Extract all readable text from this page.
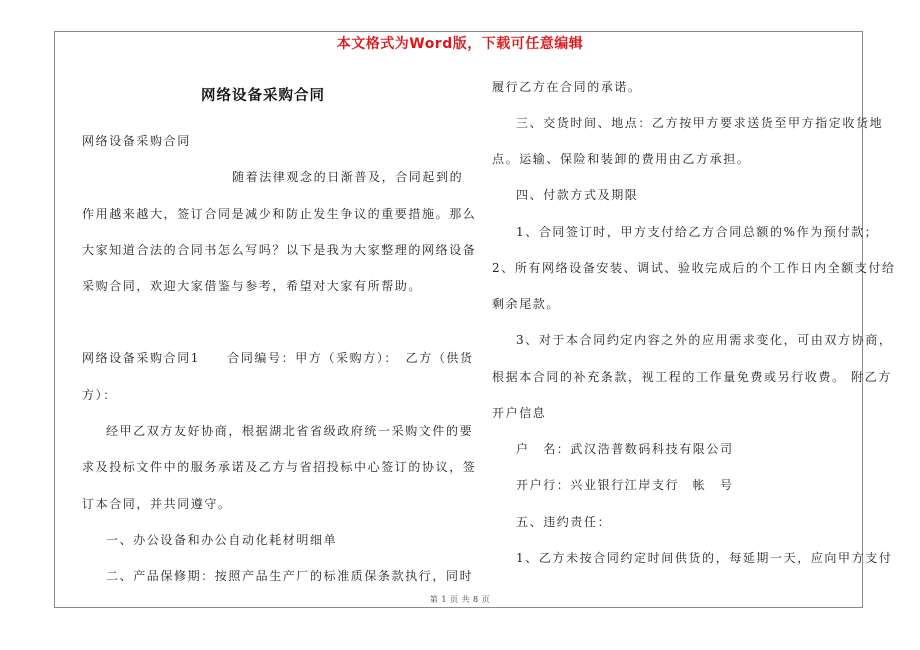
本文格式为Word版，下载可任意编辑
网络设备采购合同
网络设备采购合同
随着法律观念的日渐普及，合同起到的
作用越来越大，签订合同是减少和防止发生争议的重要措施。那么
大家知道合法的合同书怎么写吗？以下是我为大家整理的网络设备
采购合同，欢迎大家借鉴与参考，希望对大家有所帮助。
网络设备采购合同1　　合同编号：甲方（采购方）：　乙方（供货
方）：
经甲乙双方友好协商，根据湖北省省级政府统一采购文件的要
求及投标文件中的服务承诺及乙方与省招投标中心签订的协议，签
订本合同，并共同遵守。
一、办公设备和办公自动化耗材明细单
二、产品保修期：按照产品生产厂的标准质保条款执行，同时
履行乙方在合同的承诺。
三、交货时间、地点：乙方按甲方要求送货至甲方指定收货地
点。运输、保险和装卸的费用由乙方承担。
四、付款方式及期限
1、合同签订时，甲方支付给乙方合同总额的%作为预付款；
2、所有网络设备安装、调试、验收完成后的个工作日内全额支付给
剩余尾款。
3、对于本合同约定内容之外的应用需求变化，可由双方协商，
根据本合同的补充条款，视工程的工作量免费或另行收费。 附乙方
开户信息
户　名：武汉浩普数码科技有限公司
开户行：兴业银行江岸支行　帐　号
五、违约责任：
1、乙方未按合同约定时间供货的，每延期一天，应向甲方支付
第 1 页 共 8 页
